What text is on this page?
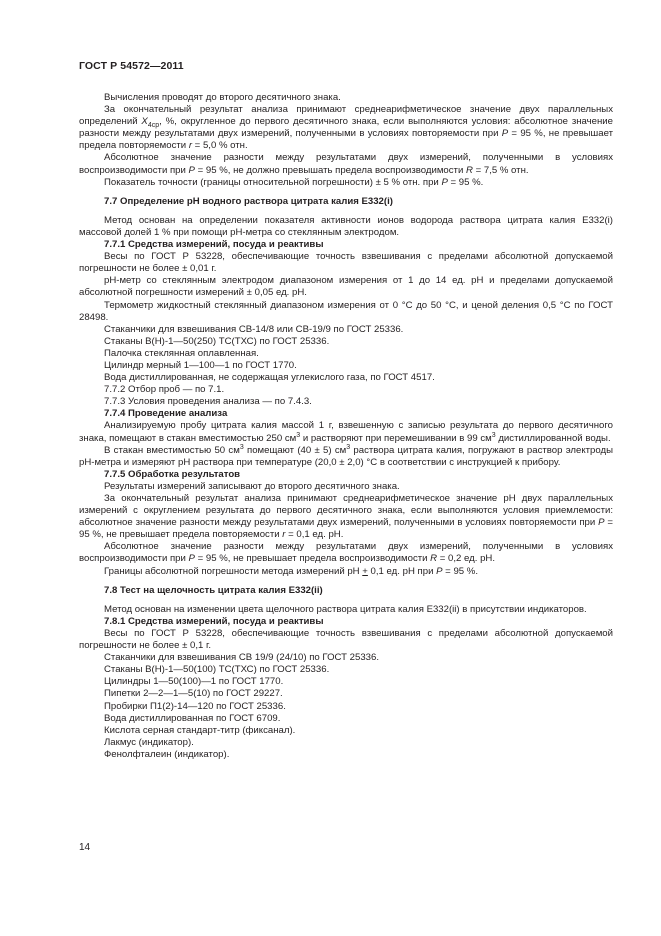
ГОСТ Р 54572—2011
Вычисления проводят до второго десятичного знака.
За окончательный результат анализа принимают среднеарифметическое значение двух параллельных определений $X_{4ср}$, %, округленное до первого десятичного знака, если выполняются условия: абсолютное значение разности между результатами двух измерений, полученными в условиях повторяемости при P = 95 %, не превышает предела повторяемости r = 5,0 % отн.
Абсолютное значение разности между результатами двух измерений, полученными в условиях воспроизводимости при P = 95 %, не должно превышать предела воспроизводимости R = 7,5 % отн.
Показатель точности (границы относительной погрешности) ± 5 % отн. при P = 95 %.
7.7 Определение pH водного раствора цитрата калия Е332(i)
Метод основан на определении показателя активности ионов водорода раствора цитрата калия Е332(i) массовой долей 1 % при помощи pH-метра со стеклянным электродом.
7.7.1 Средства измерений, посуда и реактивы
Весы по ГОСТ Р 53228, обеспечивающие точность взвешивания с пределами абсолютной допускаемой погрешности не более ± 0,01 г.
pH-метр со стеклянным электродом диапазоном измерения от 1 до 14 ед. pH и пределами допускаемой абсолютной погрешности измерений ± 0,05 ед. pH.
Термометр жидкостный стеклянный диапазоном измерения от 0 °С до 50 °С, и ценой деления 0,5 °С по ГОСТ 28498.
Стаканчики для взвешивания СВ-14/8 или СВ-19/9 по ГОСТ 25336.
Стаканы В(Н)-1—50(250) ТС(ТХС) по ГОСТ 25336.
Палочка стеклянная оплавленная.
Цилиндр мерный 1—100—1 по ГОСТ 1770.
Вода дистиллированная, не содержащая углекислого газа, по ГОСТ 4517.
7.7.2 Отбор проб — по 7.1.
7.7.3 Условия проведения анализа — по 7.4.3.
7.7.4 Проведение анализа
Анализируемую пробу цитрата калия массой 1 г, взвешенную с записью результата до первого десятичного знака, помещают в стакан вместимостью 250 $см^3$ и растворяют при перемешивании в 99 $см^3$ дистиллированной воды.
В стакан вместимостью 50 $см^3$ помещают (40 ± 5) $см^3$ раствора цитрата калия, погружают в раствор электроды pH-метра и измеряют pH раствора при температуре (20,0 ± 2,0) °С в соответствии с инструкцией к прибору.
7.7.5 Обработка результатов
Результаты измерений записывают до второго десятичного знака.
За окончательный результат анализа принимают среднеарифметическое значение pH двух параллельных измерений с округлением результата до первого десятичного знака, если выполняются условия приемлемости: абсолютное значение разности между результатами двух измерений, полученными в условиях повторяемости при P = 95 %, не превышает предела повторяемости r = 0,1 ед. pH.
Абсолютное значение разности между результатами двух измерений, полученными в условиях воспроизводимости при P = 95 %, не превышает предела воспроизводимости R = 0,2 ед. pH.
Границы абсолютной погрешности метода измерений pH + 0,1 ед. pH при P = 95 %.
7.8 Тест на щелочность цитрата калия Е332(ii)
Метод основан на изменении цвета щелочного раствора цитрата калия Е332(ii) в присутствии индикаторов.
7.8.1 Средства измерений, посуда и реактивы
Весы по ГОСТ Р 53228, обеспечивающие точность взвешивания с пределами абсолютной допускаемой погрешности не более ± 0,1 г.
Стаканчики для взвешивания СВ 19/9 (24/10) по ГОСТ 25336.
Стаканы В(Н)-1—50(100) ТС(ТХС) по ГОСТ 25336.
Цилиндры 1—50(100)—1 по ГОСТ 1770.
Пипетки 2—2—1—5(10) по ГОСТ 29227.
Пробирки П1(2)-14—120 по ГОСТ 25336.
Вода дистиллированная по ГОСТ 6709.
Кислота серная стандарт-титр (фиксанал).
Лакмус (индикатор).
Фенолфталеин (индикатор).
14
